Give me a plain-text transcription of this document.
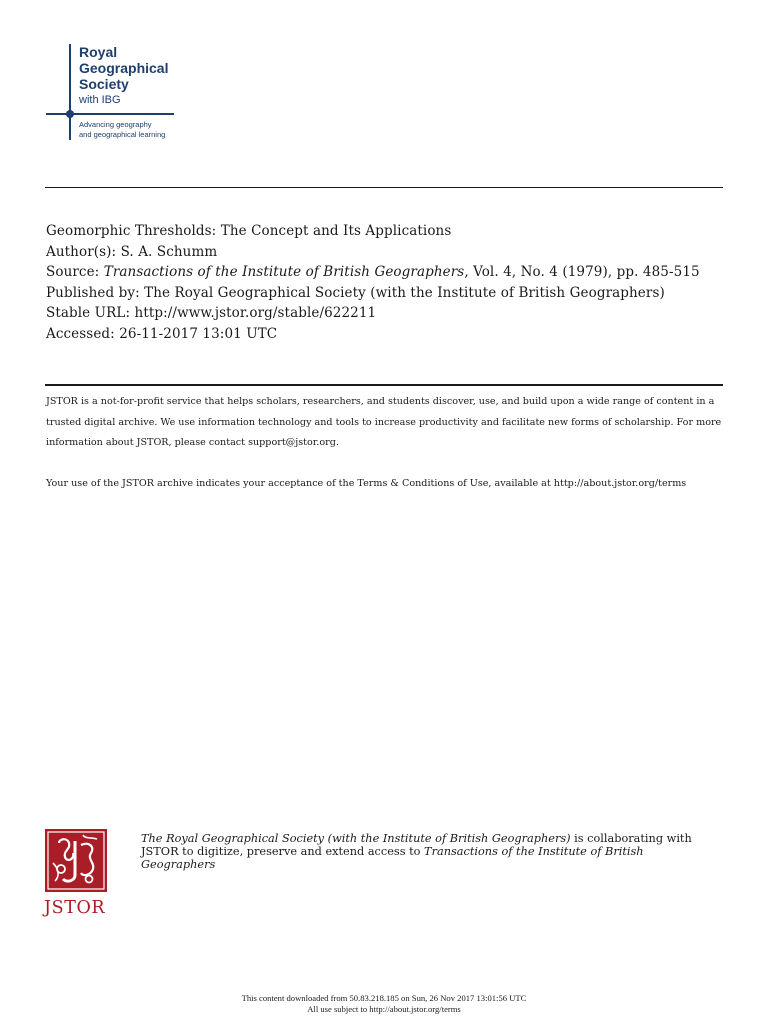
Royal
Geographical
Society
with IBG
Advancing geography
and geographical learning
Geomorphic Thresholds: The Concept and Its Applications
Author(s): S. A. Schumm
Source: Transactions of the Institute of British Geographers, Vol. 4, No. 4 (1979), pp. 485-515
Published by: The Royal Geographical Society (with the Institute of British Geographers)
Stable URL: http://www.jstor.org/stable/622211
Accessed: 26-11-2017 13:01 UTC

JSTOR is a not-for-profit service that helps scholars, researchers, and students discover, use, and build upon a wide range of content in a trusted digital archive. We use information technology and tools to increase productivity and facilitate new forms of scholarship. For more information about JSTOR, please contact support@jstor.org.

Your use of the JSTOR archive indicates your acceptance of the Terms & Conditions of Use, available at http://about.jstor.org/terms

JSTOR
The Royal Geographical Society (with the Institute of British Geographers) is collaborating with JSTOR to digitize, preserve and extend access to Transactions of the Institute of British Geographers
This content downloaded from 50.83.218.185 on Sun, 26 Nov 2017 13:01:56 UTC
All use subject to http://about.jstor.org/terms
